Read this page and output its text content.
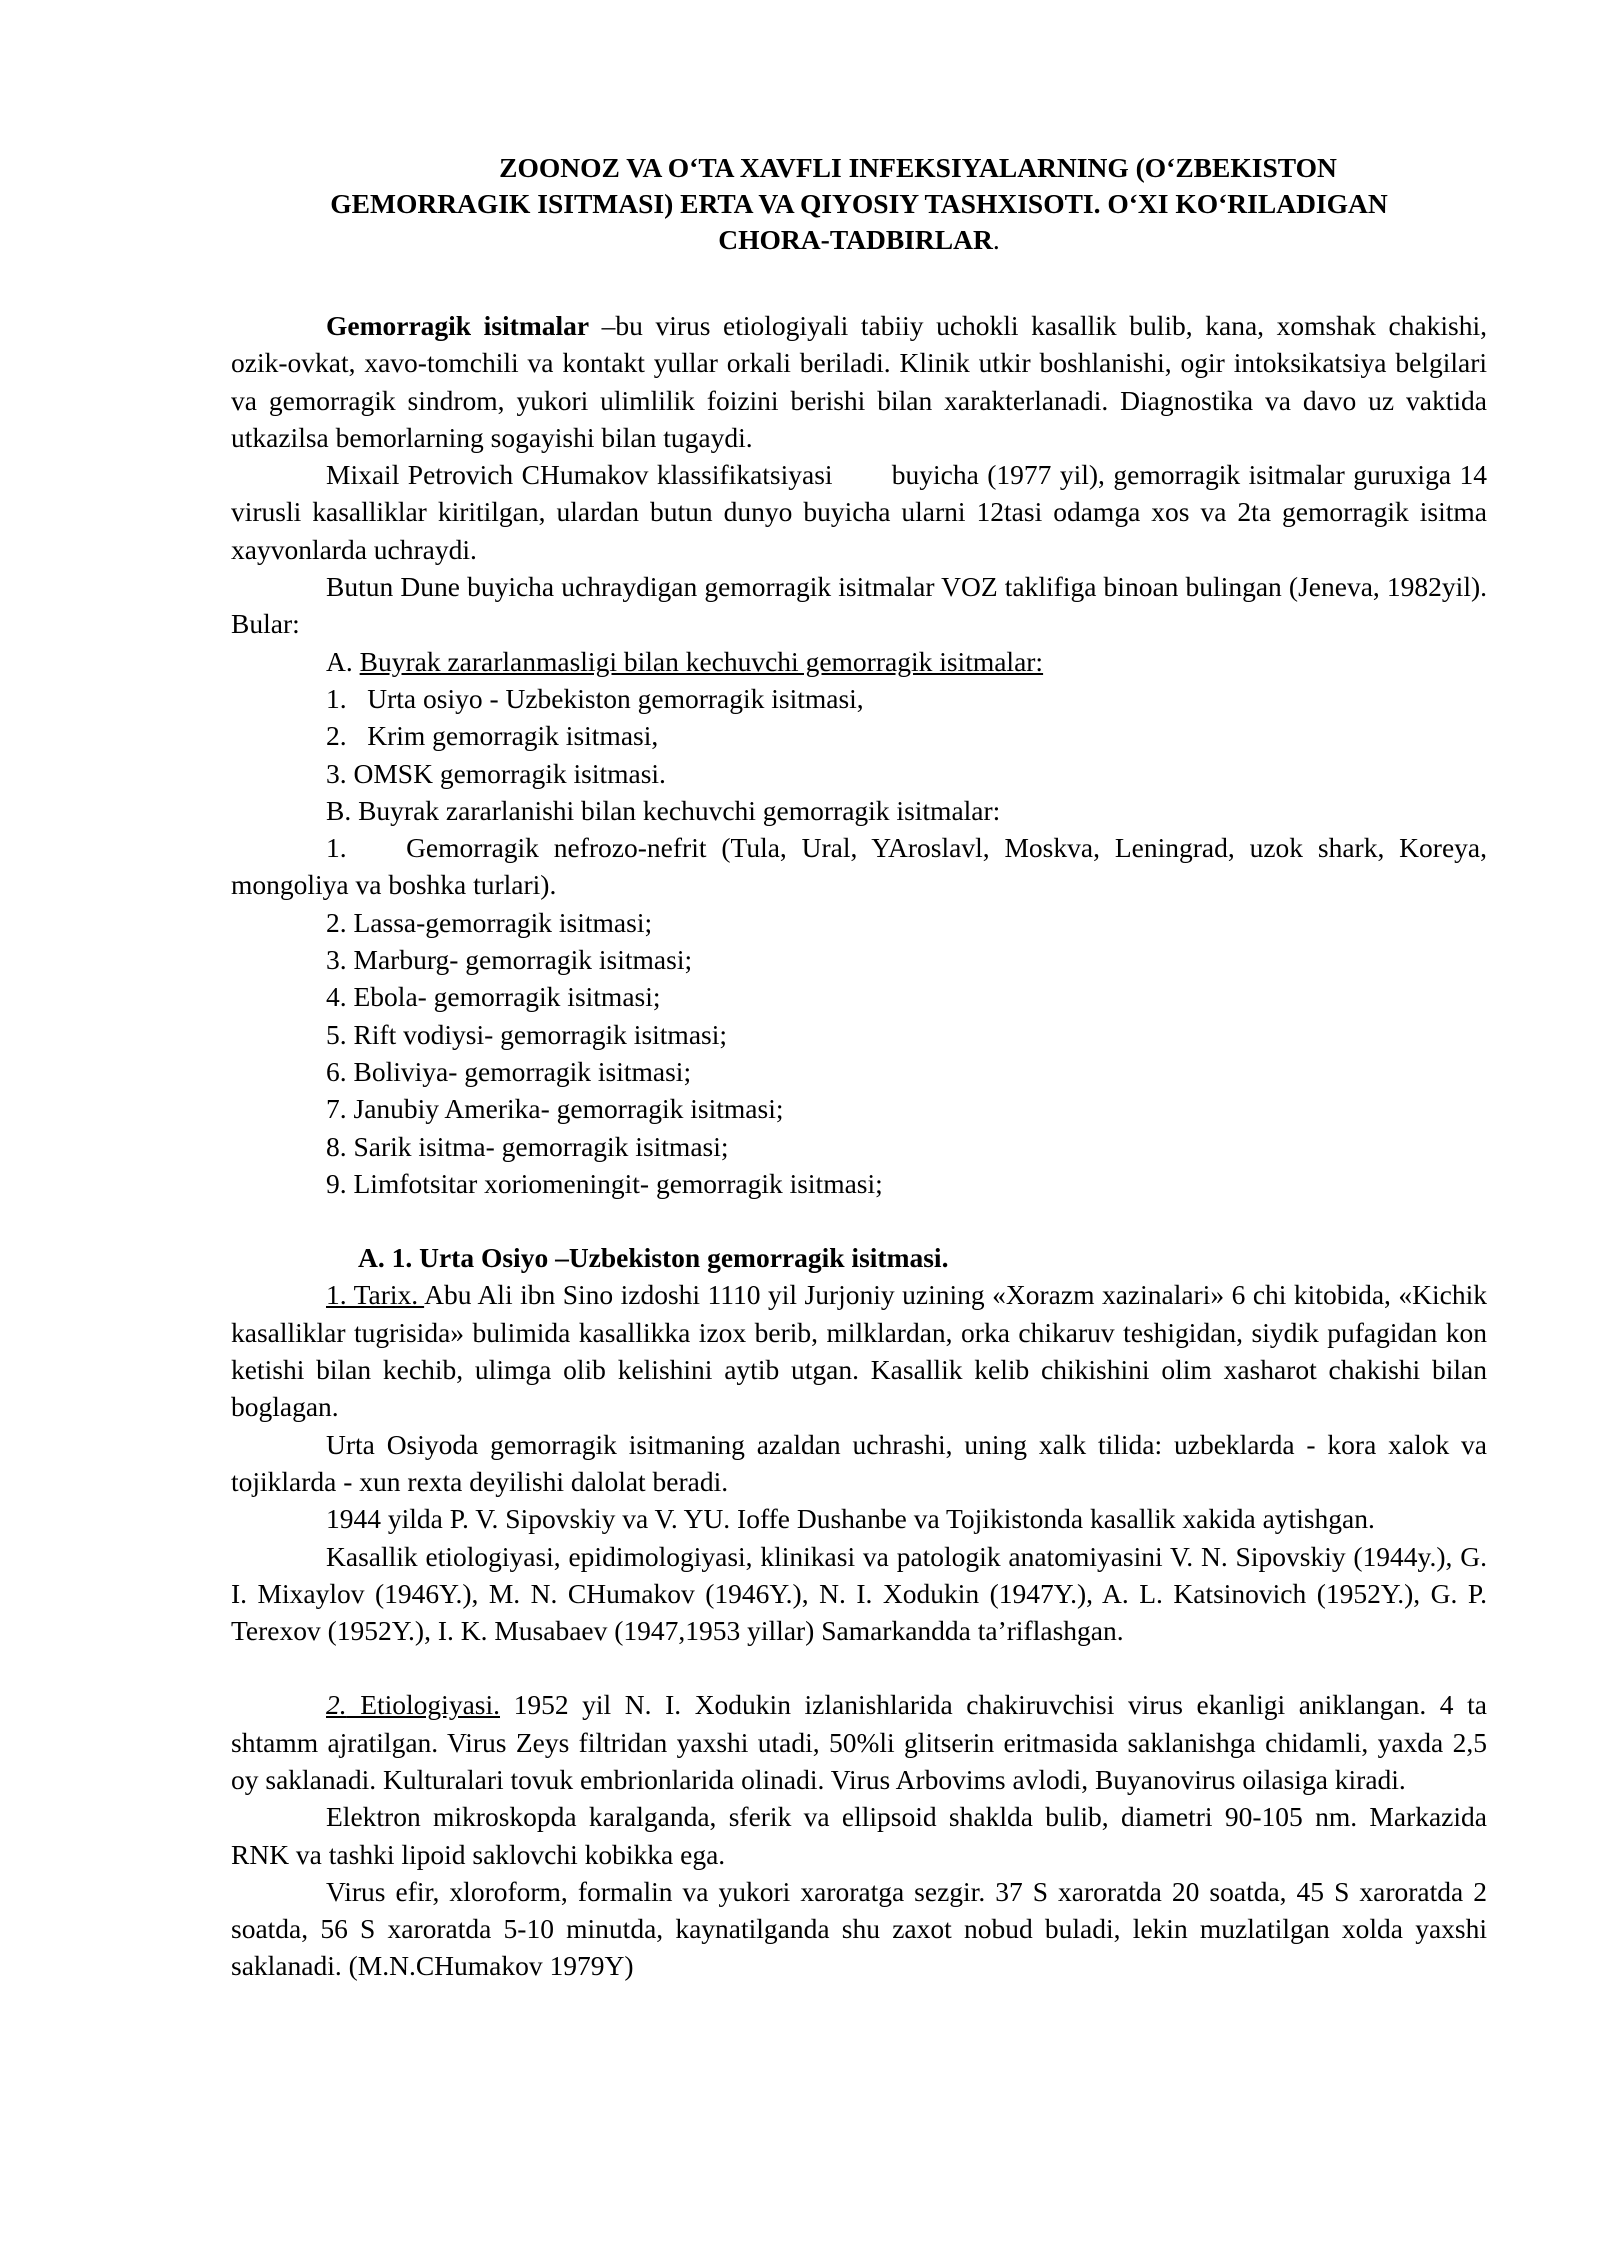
ZOONOZ VA O‘TA XAVFLI INFEKSIYALARNING (O‘ZBEKISTON
GEMORRAGIK ISITMASI) ERTA VA QIYOSIY TASHXISOTI. O‘XI KO‘RILADIGAN
CHORA-TADBIRLAR.

Gemorragik isitmalar –bu virus etiologiyali tabiiy uchokli kasallik bulib, kana, xomshak chakishi, ozik-ovkat, xavo-tomchili va kontakt yullar orkali beriladi. Klinik utkir boshlanishi, ogir intoksikatsiya belgilari va gemorragik sindrom, yukori ulimlilik foizini berishi bilan xarakterlanadi. Diagnostika va davo uz vaktida utkazilsa bemorlarning sogayishi bilan tugaydi.

Mixail Petrovich CHumakov klassifikatsiyasi       buyicha (1977 yil), gemorragik isitmalar guruxiga 14 virusli kasalliklar kiritilgan, ulardan butun dunyo buyicha ularni 12tasi odamga xos va 2ta gemorragik isitma xayvonlarda uchraydi.

Butun Dune buyicha uchraydigan gemorragik isitmalar VOZ taklifiga binoan bulingan (Jeneva, 1982yil). Bular:

A. Buyrak zararlanmasligi bilan kechuvchi gemorragik isitmalar:
1.   Urta osiyo - Uzbekiston gemorragik isitmasi,
2.   Krim gemorragik isitmasi,
3. OMSK gemorragik isitmasi.
B. Buyrak zararlanishi bilan kechuvchi gemorragik isitmalar:

1.    Gemorragik nefrozo-nefrit (Tula, Ural, YAroslavl, Moskva, Leningrad, uzok shark, Koreya, mongoliya va boshka turlari).

2. Lassa-gemorragik isitmasi;
3. Marburg- gemorragik isitmasi;
4. Ebola- gemorragik isitmasi;
5. Rift vodiysi- gemorragik isitmasi;
6. Boliviya- gemorragik isitmasi;
7. Janubiy Amerika- gemorragik isitmasi;
8. Sarik isitma- gemorragik isitmasi;
9. Limfotsitar xoriomeningit- gemorragik isitmasi;
A. 1. Urta Osiyo –Uzbekiston gemorragik isitmasi.

1. Tarix. Abu Ali ibn Sino izdoshi 1110 yil Jurjoniy uzining «Xorazm xazinalari» 6 chi kitobida, «Kichik kasalliklar tugrisida» bulimida kasallikka izox berib, milklardan, orka chikaruv teshigidan, siydik pufagidan kon ketishi bilan kechib, ulimga olib kelishini aytib utgan. Kasallik kelib chikishini olim xasharot chakishi bilan boglagan.

Urta Osiyoda gemorragik isitmaning azaldan uchrashi, uning xalk tilida: uzbeklarda - kora xalok va tojiklarda - xun rexta deyilishi dalolat beradi.

1944 yilda P. V. Sipovskiy va V. YU. Ioffe Dushanbe va Tojikistonda kasallik xakida aytishgan.

Kasallik etiologiyasi, epidimologiyasi, klinikasi va patologik anatomiyasini V. N. Sipovskiy (1944y.), G. I. Mixaylov (1946Y.), M. N. CHumakov (1946Y.), N. I. Xodukin (1947Y.), A. L. Katsinovich (1952Y.), G. P. Terexov (1952Y.), I. K. Musabaev (1947,1953 yillar) Samarkandda ta’riflashgan.

2. Etiologiyasi. 1952 yil N. I. Xodukin izlanishlarida chakiruvchisi virus ekanligi aniklangan. 4 ta shtamm ajratilgan. Virus Zeys filtridan yaxshi utadi, 50%li glitserin eritmasida saklanishga chidamli, yaxda 2,5 oy saklanadi. Kulturalari tovuk embrionlarida olinadi. Virus Arbovims avlodi, Buyanovirus oilasiga kiradi.

Elektron mikroskopda karalganda, sferik va ellipsoid shaklda bulib, diametri 90-105 nm. Markazida RNK va tashki lipoid saklovchi kobikka ega.

Virus efir, xloroform, formalin va yukori xaroratga sezgir. 37 S xaroratda 20 soatda, 45 S xaroratda 2 soatda, 56 S xaroratda 5-10 minutda, kaynatilganda shu zaxot nobud buladi, lekin muzlatilgan xolda yaxshi saklanadi. (M.N.CHumakov 1979Y)
